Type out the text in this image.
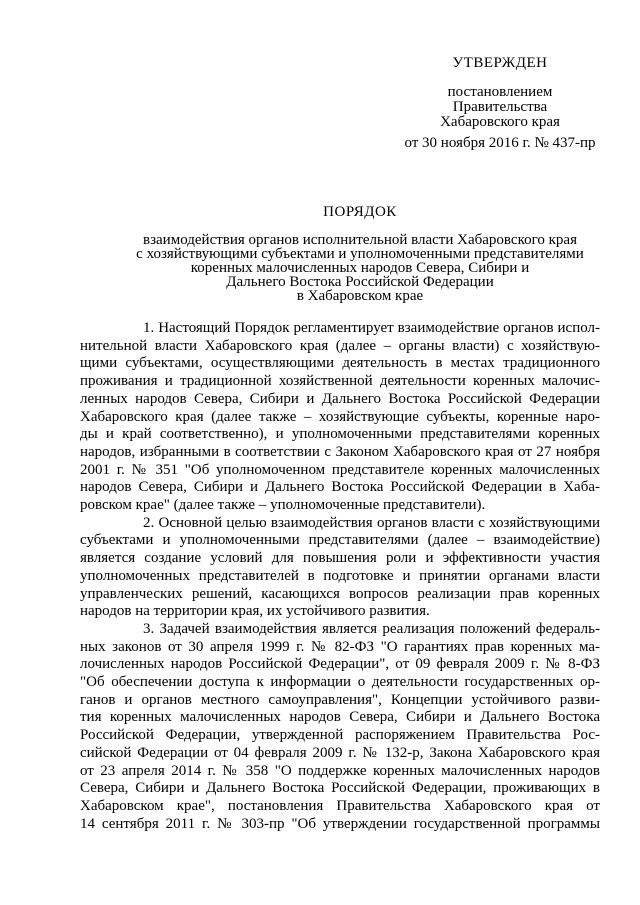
УТВЕРЖДЕН
постановлением
Правительства
Хабаровского края
от 30 ноября 2016 г. № 437-пр
ПОРЯДОК
взаимодействия органов исполнительной власти Хабаровского края
с хозяйствующими субъектами и уполномоченными представителями
коренных малочисленных народов Севера, Сибири и
Дальнего Востока Российской Федерации
в Хабаровском крае

1. Настоящий Порядок регламентирует взаимодействие органов испол-
нительной власти Хабаровского края (далее – органы власти) с хозяйствую-
щими субъектами, осуществляющими деятельность в местах традиционного
проживания и традиционной хозяйственной деятельности коренных малочис-
ленных народов Севера, Сибири и Дальнего Востока Российской Федерации
Хабаровского края (далее также – хозяйствующие субъекты, коренные наро-
ды и край соответственно), и уполномоченными представителями коренных
народов, избранными в соответствии с Законом Хабаровского края от 27 ноября
2001 г. № 351 "Об уполномоченном представителе коренных малочисленных
народов Севера, Сибири и Дальнего Востока Российской Федерации в Хаба-
ровском крае" (далее также – уполномоченные представители).

2. Основной целью взаимодействия органов власти с хозяйствующими
субъектами и уполномоченными представителями (далее – взаимодействие)
является создание условий для повышения роли и эффективности участия
уполномоченных представителей в подготовке и принятии органами власти
управленческих решений, касающихся вопросов реализации прав коренных
народов на территории края, их устойчивого развития.

3. Задачей взаимодействия является реализация положений федераль-
ных законов от 30 апреля 1999 г. № 82-ФЗ "О гарантиях прав коренных ма-
лочисленных народов Российской Федерации", от 09 февраля 2009 г. № 8-ФЗ
"Об обеспечении доступа к информации о деятельности государственных ор-
ганов и органов местного самоуправления", Концепции устойчивого разви-
тия коренных малочисленных народов Севера, Сибири и Дальнего Востока
Российской Федерации, утвержденной распоряжением Правительства Рос-
сийской Федерации от 04 февраля 2009 г. № 132-р, Закона Хабаровского края
от 23 апреля 2014 г. № 358 "О поддержке коренных малочисленных народов
Севера, Сибири и Дальнего Востока Российской Федерации, проживающих в
Хабаровском крае", постановления Правительства Хабаровского края от
14 сентября 2011 г. № 303-пр "Об утверждении государственной программы
